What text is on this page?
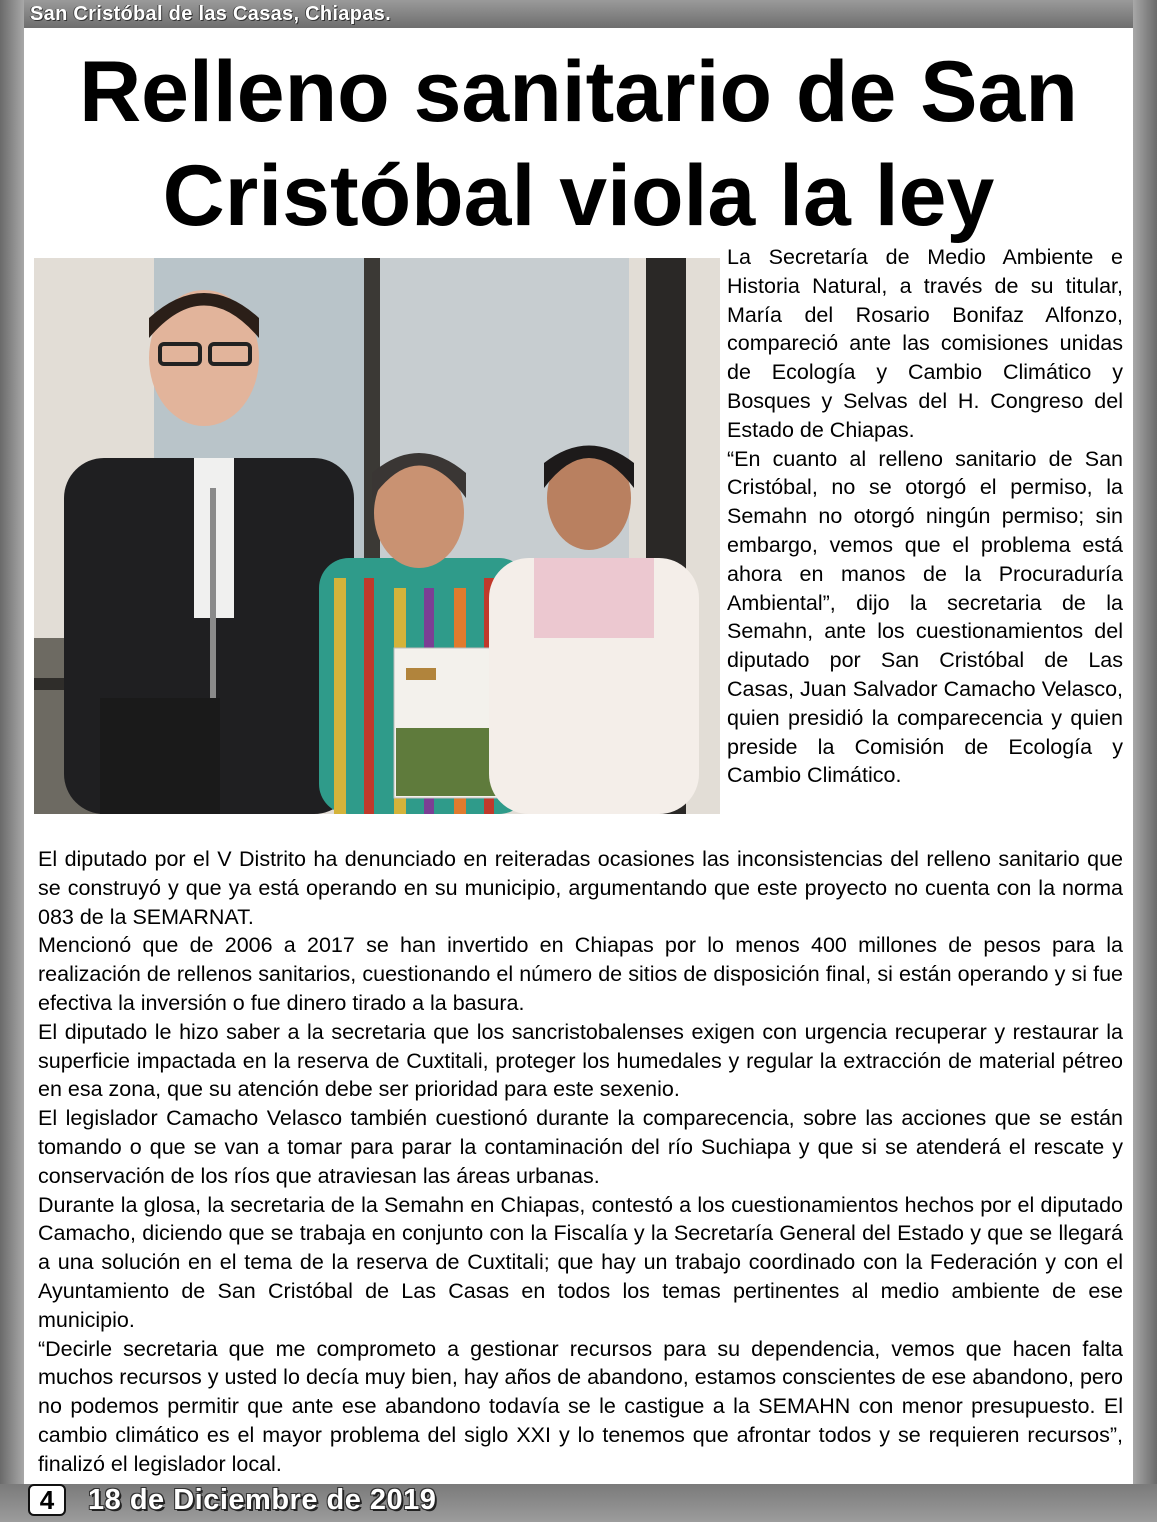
San Cristóbal de las Casas, Chiapas.
Relleno sanitario de San Cristóbal viola la ley

La Secretaría de Medio Ambiente e Historia Natural, a través de su titular, María del Rosario Bonifaz Alfonzo, compareció ante las comisiones unidas de Ecología y Cambio Climático y Bosques y Selvas del H. Congreso del Estado de Chiapas.

“En cuanto al relleno sanitario de San Cristóbal, no se otorgó el permiso, la Semahn no otorgó ningún permiso; sin embargo, vemos que el problema está ahora en manos de la Procuraduría Ambiental”, dijo la secretaria de la Semahn, ante los cuestionamientos del diputado por San Cristóbal de Las Casas, Juan Salvador Camacho Velasco, quien presidió la comparecencia y quien preside la Comisión de Ecología y Cambio Climático.

El diputado por el V Distrito ha denunciado en reiteradas ocasiones las inconsistencias del relleno sanitario que se construyó y que ya está operando en su municipio, argumentando que este proyecto no cuenta con la norma 083 de la SEMARNAT.

Mencionó que de 2006 a 2017 se han invertido en Chiapas por lo menos 400 millones de pesos para la realización de rellenos sanitarios, cuestionando el número de sitios de disposición final, si están operando y si fue efectiva la inversión o fue dinero tirado a la basura.

El diputado le hizo saber a la secretaria que los sancristobalenses exigen con urgencia recuperar y restaurar la superficie impactada en la reserva de Cuxtitali, proteger los humedales y regular la extracción de material pétreo en esa zona, que su atención debe ser prioridad para este sexenio.

El legislador Camacho Velasco también cuestionó durante la comparecencia, sobre las acciones que se están tomando o que se van a tomar para parar la contaminación del río Suchiapa y que si se atenderá el rescate y conservación de los ríos que atraviesan las áreas urbanas.

Durante la glosa, la secretaria de la Semahn en Chiapas, contestó a los cuestionamientos hechos por el diputado Camacho, diciendo que se trabaja en conjunto con la Fiscalía y la Secretaría General del Estado y que se llegará a una solución en el tema de la reserva de Cuxtitali; que hay un trabajo coordinado con la Federación y con el Ayuntamiento de San Cristóbal de Las Casas en todos los temas pertinentes al medio ambiente de ese municipio.

“Decirle secretaria que me comprometo a gestionar recursos para su dependencia, vemos que hacen falta muchos recursos y usted lo decía muy bien, hay años de abandono, estamos conscientes de ese abandono, pero no podemos permitir que ante ese abandono todavía se le castigue a la SEMAHN con menor presupuesto. El cambio climático es el mayor problema del siglo XXI y lo tenemos que afrontar todos y se requieren recursos”, finalizó el legislador local.

4	18 de Diciembre de 2019
